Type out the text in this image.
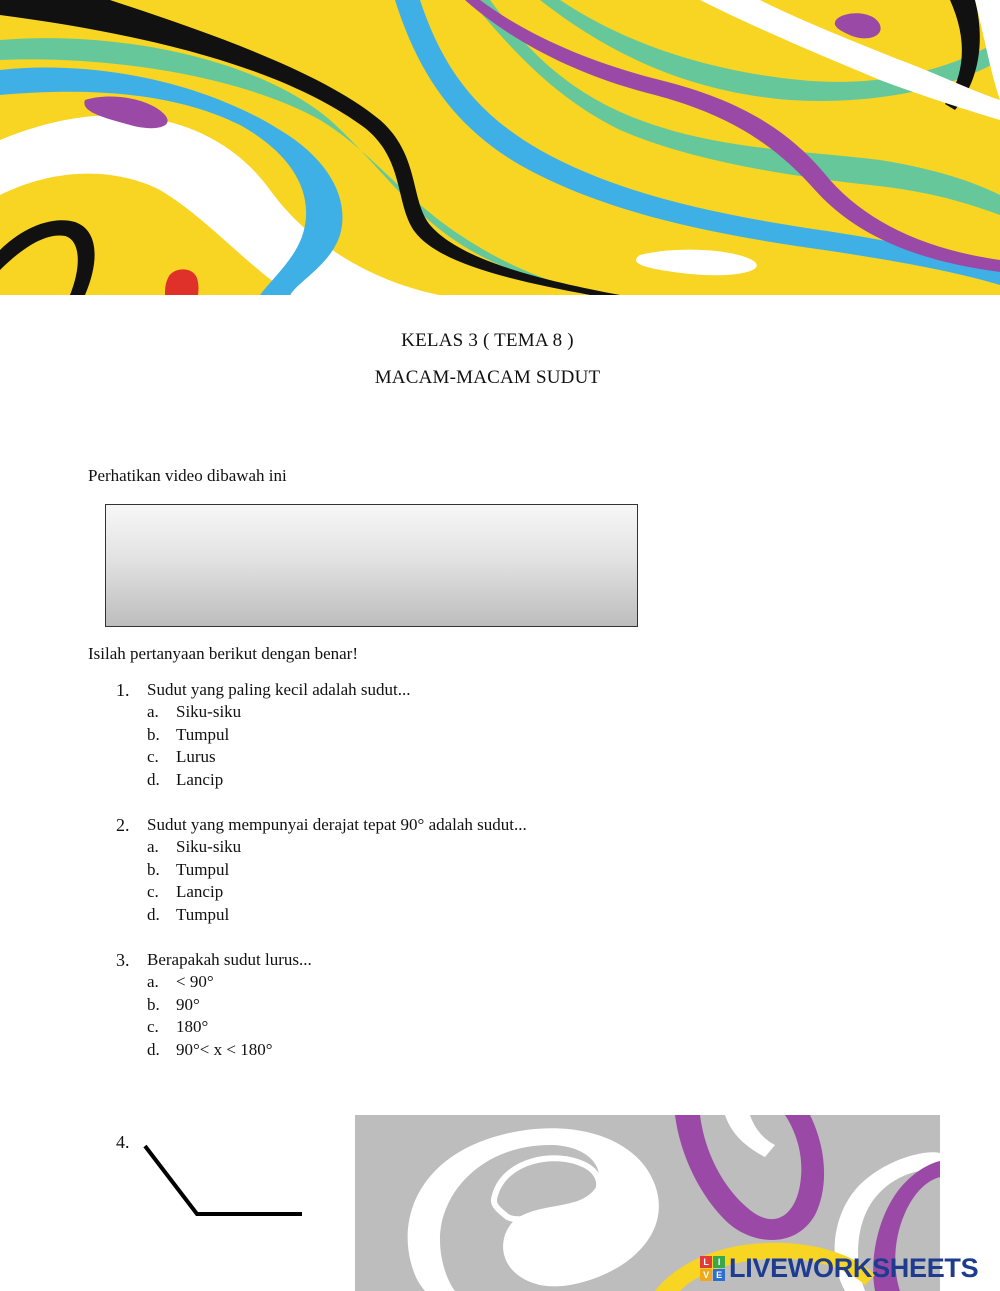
KELAS 3 ( TEMA 8 )
MACAM-MACAM SUDUT
Perhatikan video dibawah ini
Isilah pertanyaan berikut dengan benar!
1.	Sudut yang paling kecil adalah sudut...
a.	Siku-siku
b. Tumpul
c.	Lurus
d. Lancip
2.	Sudut yang mempunyai derajat tepat 90° adalah sudut...
a.	Siku-siku
b. Tumpul
c.	Lancip
d. Tumpul
3.	Berapakah sudut lurus...
a.	< 90°
b. 90°
c.	180°
d. 90°< x < 180°
4.
L	I
V E LIVEWORKSHEETS
